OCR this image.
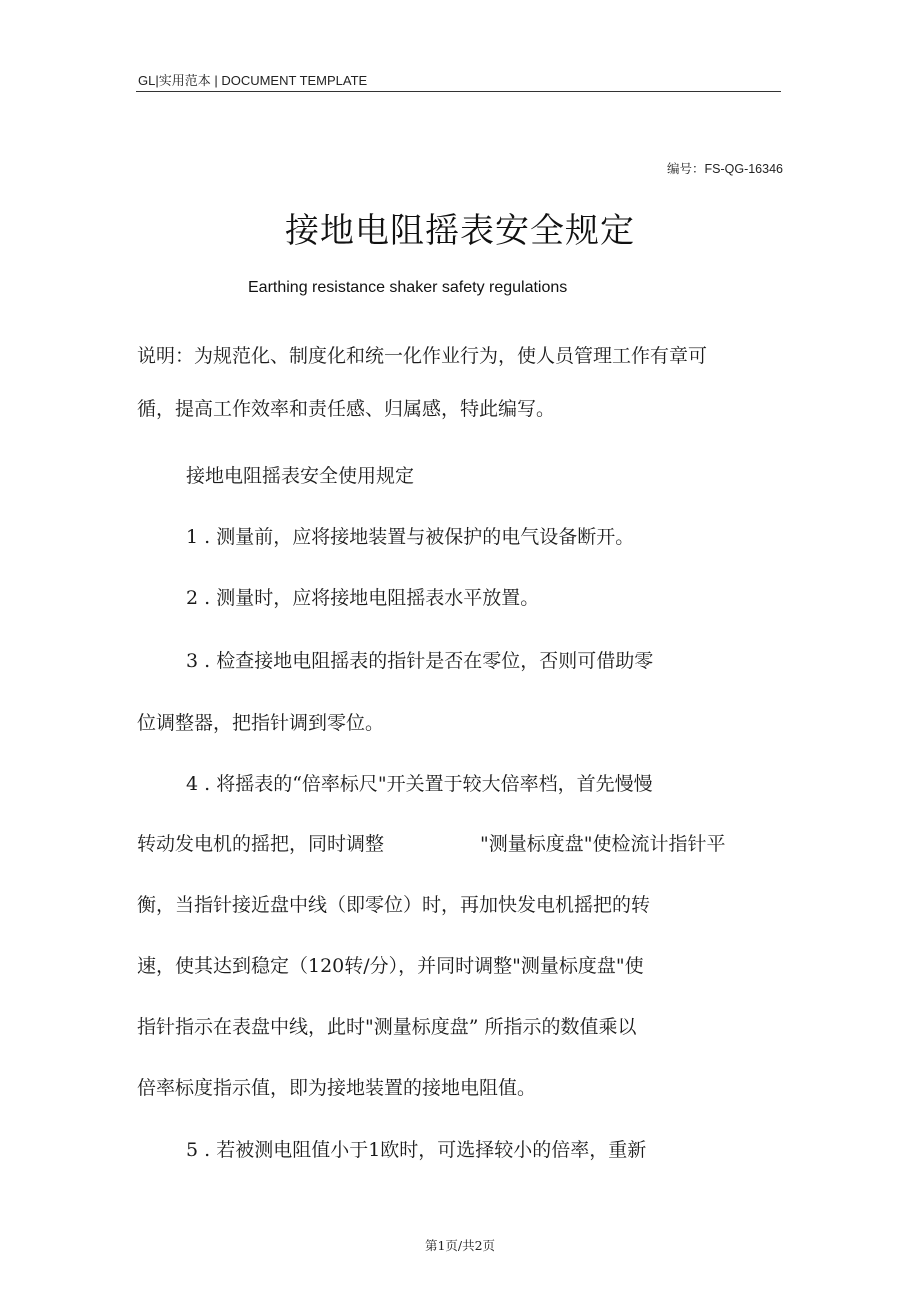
GL|实用范本 | DOCUMENT TEMPLATE
编号：FS-QG-16346
接地电阻摇表安全规定
Earthing resistance shaker safety regulations
说明：为规范化、制度化和统一化作业行为，使人员管理工作有章可
循，提高工作效率和责任感、归属感，特此编写。
接地电阻摇表安全使用规定
1 . 测量前，应将接地装置与被保护的电气设备断开。
2 . 测量时，应将接地电阻摇表水平放置。
3 . 检查接地电阻摇表的指针是否在零位，否则可借助零
位调整器，把指针调到零位。
4 . 将摇表的“倍率标尺"开关置于较大倍率档，首先慢慢
转动发电机的摇把，同时调整	"测量标度盘"使检流计指针平
衡，当指针接近盘中线（即零位）时，再加快发电机摇把的转
速，使其达到稳定（120转/分），并同时调整"测量标度盘"使
指针指示在表盘中线，此时"测量标度盘” 所指示的数值乘以
倍率标度指示值，即为接地装置的接地电阻值。
5 . 若被测电阻值小于1欧时，可选择较小的倍率，重新
第1页/共2页
